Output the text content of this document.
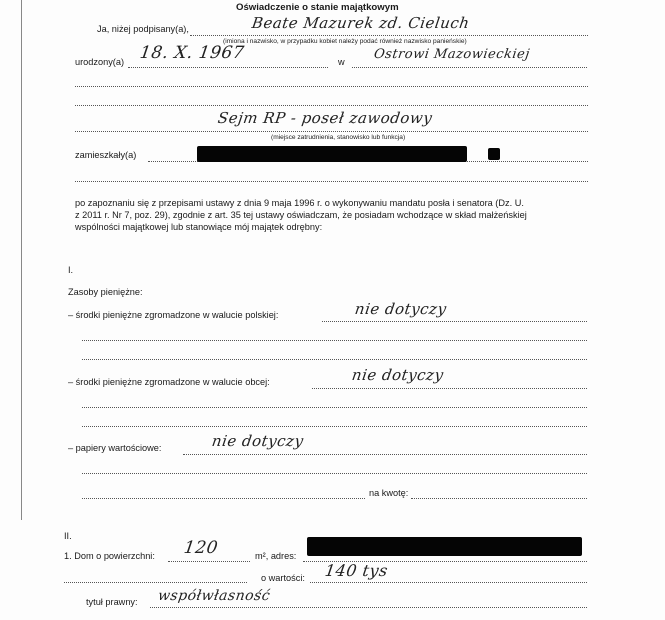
Oświadczenie o stanie majątkowym
Ja, niżej podpisany(a),	Beate Mazurek zd. Cieluch
(imiona i nazwisko, w przypadku kobiet należy podać również nazwisko panieńskie)
urodzony(a) 18. X. 1967	w Ostrowi Mazowieckiej
Sejm RP - poseł zawodowy
(miejsce zatrudnienia, stanowisko lub funkcja)
zamieszkały(a)
po zapoznaniu się z przepisami ustawy z dnia 9 maja 1996 r. o wykonywaniu mandatu posła i senatora (Dz. U.
z 2011 r. Nr 7, poz. 29), zgodnie z art. 35 tej ustawy oświadczam, że posiadam wchodzące w skład małżeńskiej
wspólności majątkowej lub stanowiące mój majątek odrębny:
I.
Zasoby pieniężne:
– środki pieniężne zgromadzone w walucie polskiej:	nie dotyczy
– środki pieniężne zgromadzone w walucie obcej:	nie dotyczy
– papiery wartościowe:	nie dotyczy
na kwotę:
II.
1. Dom o powierzchni: 120	m², adres:
o wartości: 140 tys
tytuł prawny: współwłasność
